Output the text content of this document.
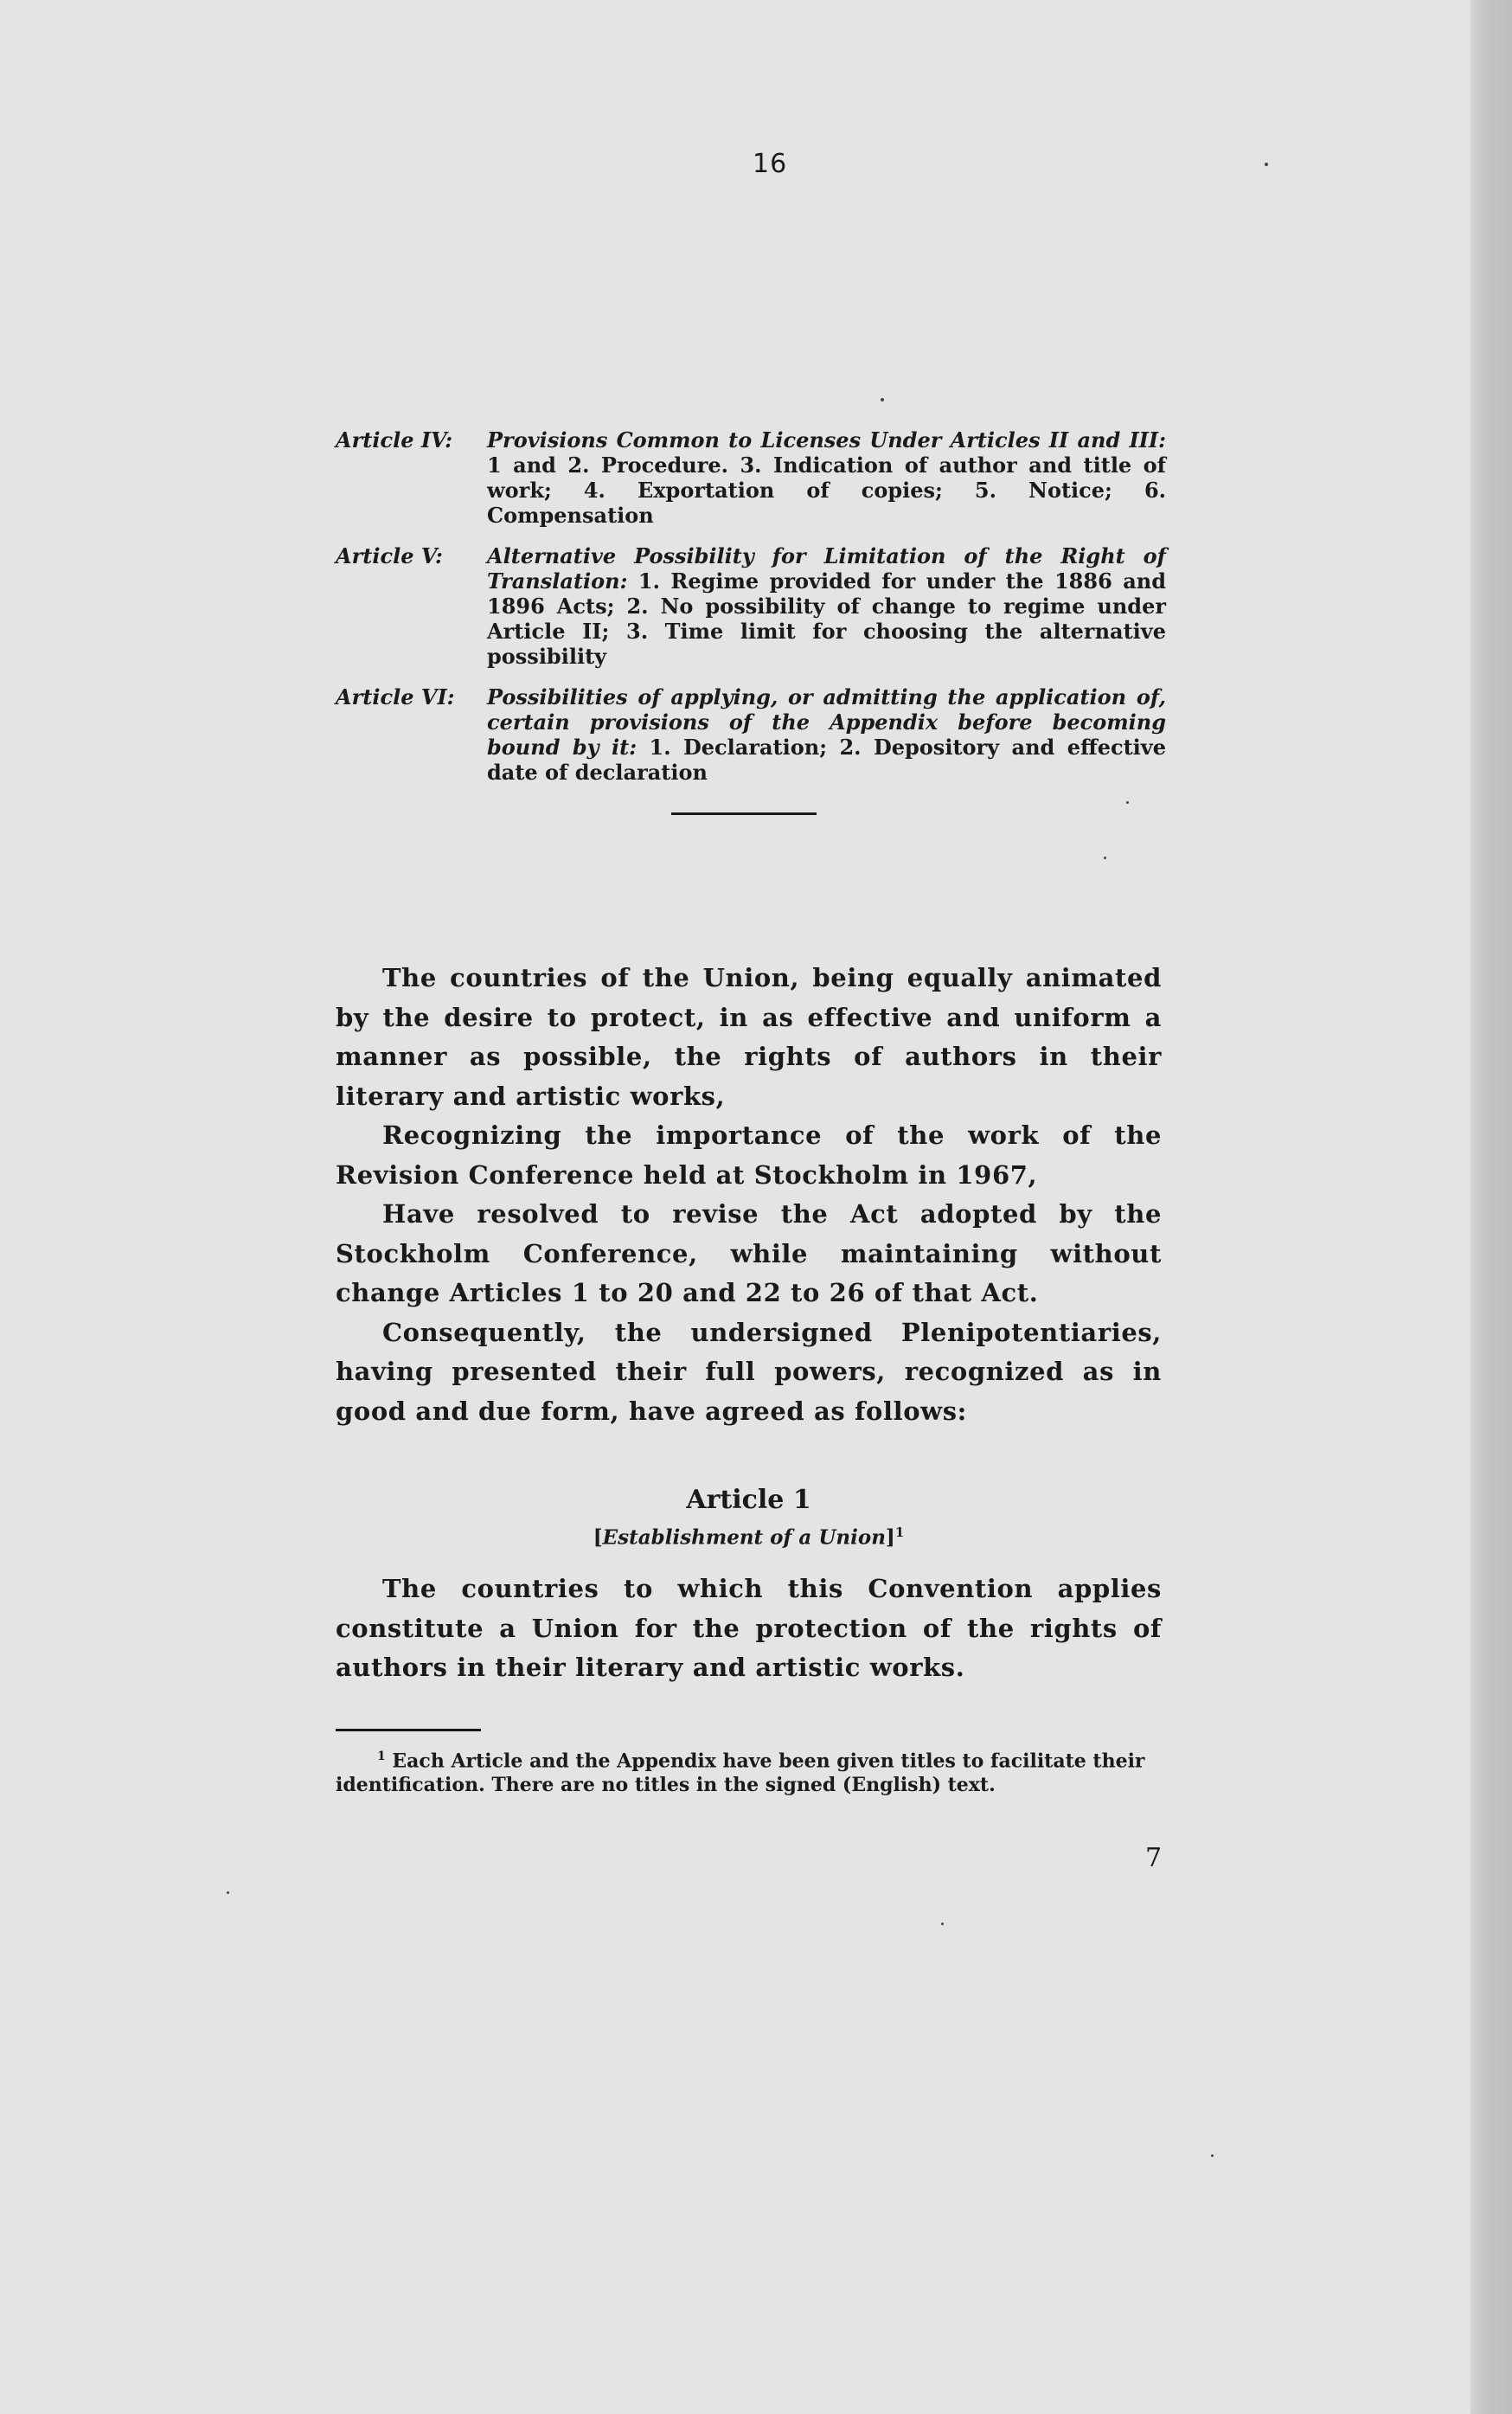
16
Article IV: Provisions Common to Licenses Under Articles II and III: 1 and 2. Procedure. 3. Indication of author and title of work; 4. Exportation of copies; 5. Notice; 6. Compensation
Article V: Alternative Possibility for Limitation of the Right of Translation: 1. Regime provided for under the 1886 and 1896 Acts; 2. No possibility of change to regime under Article II; 3. Time limit for choosing the alternative possibility
Article VI: Possibilities of applying, or admitting the application of, certain provisions of the Appendix before becoming bound by it: 1. Declaration; 2. Depository and effective date of declaration

The countries of the Union, being equally animated by the desire to protect, in as effective and uniform a manner as possible, the rights of authors in their literary and artistic works,

Recognizing the importance of the work of the Revision Conference held at Stockholm in 1967,

Have resolved to revise the Act adopted by the Stockholm Conference, while maintaining without change Articles 1 to 20 and 22 to 26 of that Act.

Consequently, the undersigned Plenipotentiaries, having presented their full powers, recognized as in good and due form, have agreed as follows:

Article 1
[Establishment of a Union]$^1$

The countries to which this Convention applies constitute a Union for the protection of the rights of authors in their literary and artistic works.

$^1$ Each Article and the Appendix have been given titles to facilitate their identification. There are no titles in the signed (English) text.

7
